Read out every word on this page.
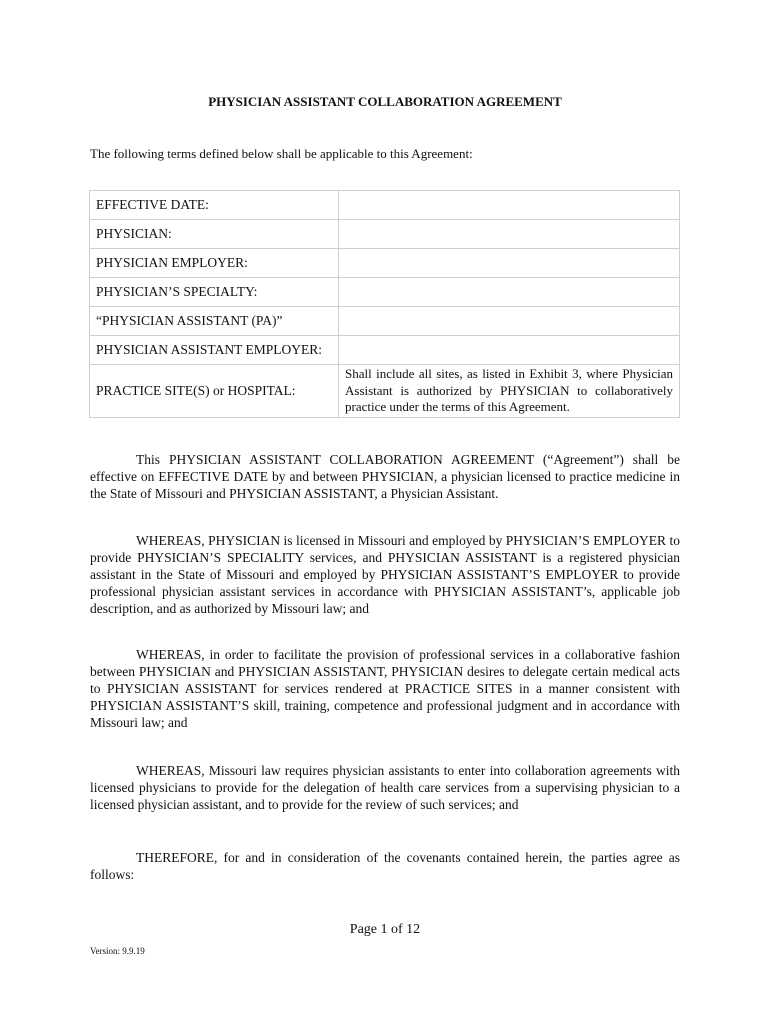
PHYSICIAN ASSISTANT COLLABORATION AGREEMENT
The following terms defined below shall be applicable to this Agreement:
EFFECTIVE DATE:	
PHYSICIAN:	
PHYSICIAN EMPLOYER:	
PHYSICIAN’S SPECIALTY:	
“PHYSICIAN ASSISTANT (PA)”	
PHYSICIAN ASSISTANT EMPLOYER:	
PRACTICE SITE(S) or HOSPITAL:	Shall include all sites, as listed in Exhibit 3, where Physician Assistant is authorized by PHYSICIAN to collaboratively practice under the terms of this Agreement.
This PHYSICIAN ASSISTANT COLLABORATION AGREEMENT (“Agreement”) shall be effective on EFFECTIVE DATE by and between PHYSICIAN, a physician licensed to practice medicine in the State of Missouri and PHYSICIAN ASSISTANT, a Physician Assistant.
WHEREAS, PHYSICIAN is licensed in Missouri and employed by PHYSICIAN’S EMPLOYER to provide PHYSICIAN’S SPECIALITY services, and PHYSICIAN ASSISTANT is a registered physician assistant in the State of Missouri and employed by PHYSICIAN ASSISTANT’S EMPLOYER to provide professional physician assistant services in accordance with PHYSICIAN ASSISTANT’s, applicable job description, and as authorized by Missouri law; and
WHEREAS, in order to facilitate the provision of professional services in a collaborative fashion between PHYSICIAN and PHYSICIAN ASSISTANT, PHYSICIAN desires to delegate certain medical acts to PHYSICIAN ASSISTANT for services rendered at PRACTICE SITES in a manner consistent with PHYSICIAN ASSISTANT’S skill, training, competence and professional judgment and in accordance with Missouri law; and
WHEREAS, Missouri law requires physician assistants to enter into collaboration agreements with licensed physicians to provide for the delegation of health care services from a supervising physician to a licensed physician assistant, and to provide for the review of such services; and
THEREFORE, for and in consideration of the covenants contained herein, the parties agree as follows:
Page 1 of 12
Version: 9.9.19
